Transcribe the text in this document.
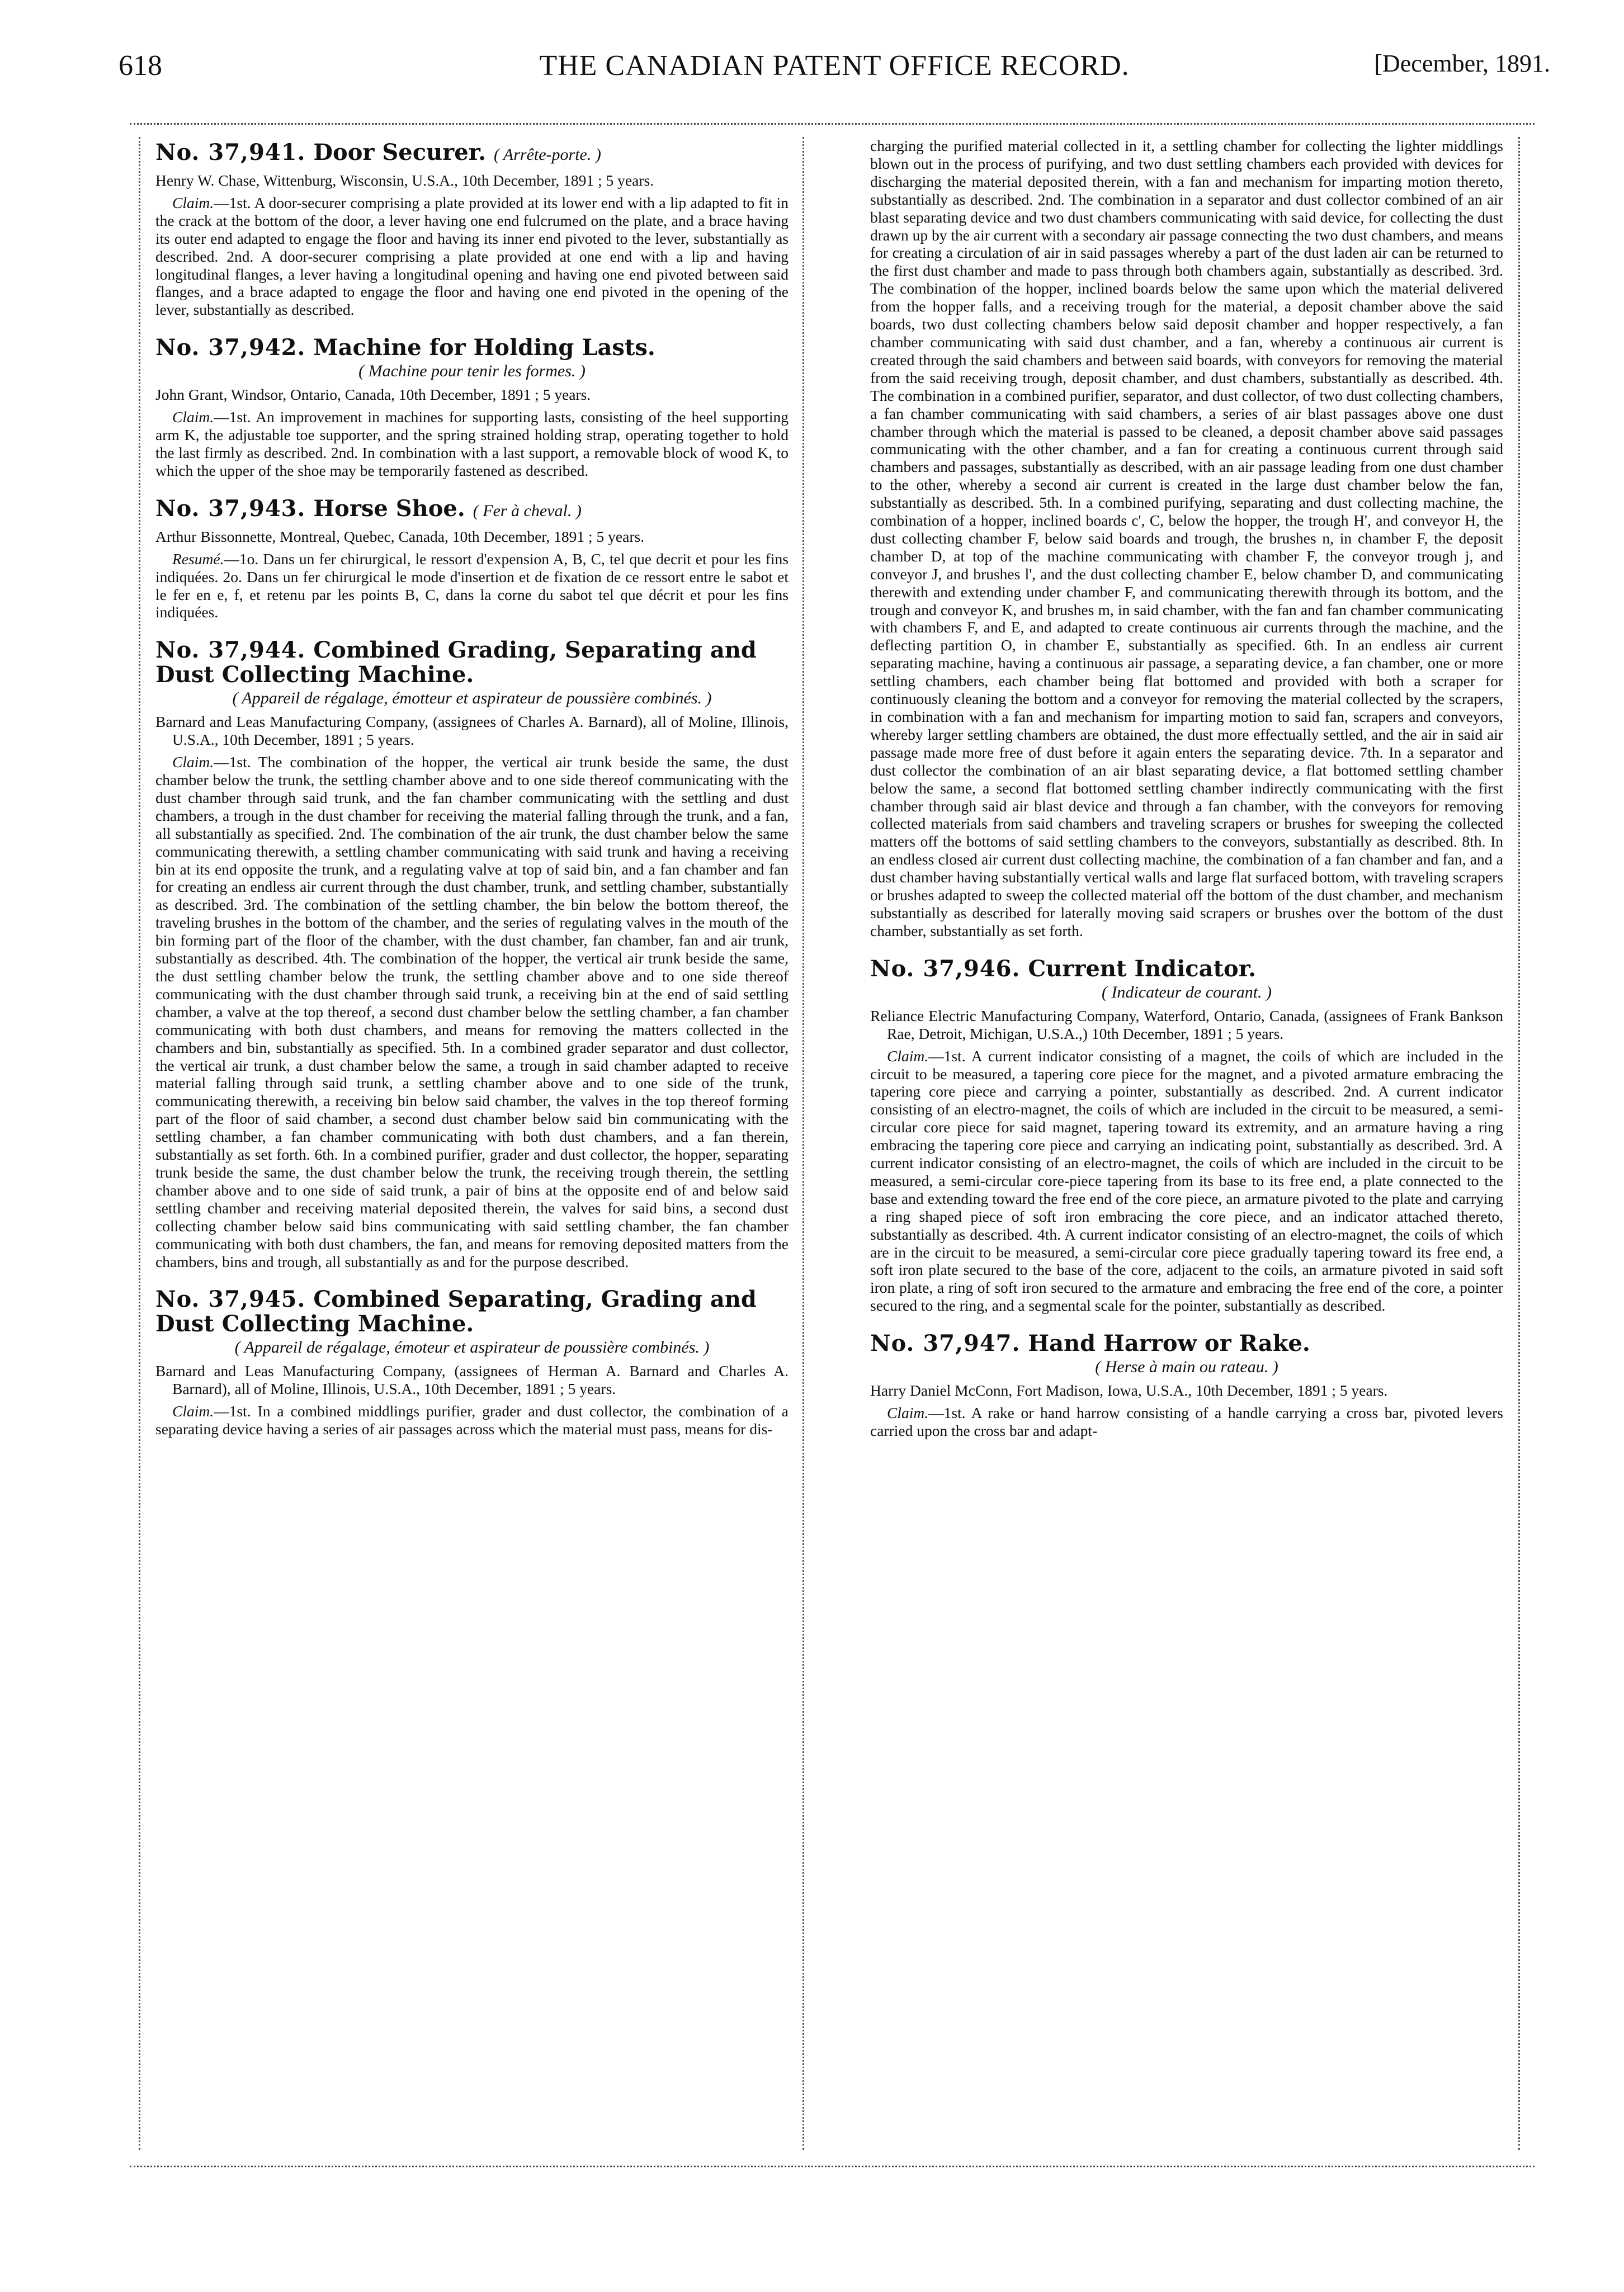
618	THE CANADIAN PATENT OFFICE RECORD.	[December, 1891.
No. 37,941. Door Securer. ( Arrête-porte. )
Henry W. Chase, Wittenburg, Wisconsin, U.S.A., 10th December, 1891 ; 5 years.
Claim.—1st. A door-securer comprising a plate provided at its lower end with a lip adapted to fit in the crack at the bottom of the door, a lever having one end fulcrumed on the plate, and a brace having its outer end adapted to engage the floor and having its inner end pivoted to the lever, substantially as described. 2nd. A door-securer comprising a plate provided at one end with a lip and having longitudinal flanges, a lever having a longitudinal opening and having one end pivoted between said flanges, and a brace adapted to engage the floor and having one end pivoted in the opening of the lever, substantially as described.
No. 37,942. Machine for Holding Lasts.
( Machine pour tenir les formes. )
John Grant, Windsor, Ontario, Canada, 10th December, 1891 ; 5 years.
Claim.—1st. An improvement in machines for supporting lasts, consisting of the heel supporting arm K, the adjustable toe supporter, and the spring strained holding strap, operating together to hold the last firmly as described. 2nd. In combination with a last support, a removable block of wood K, to which the upper of the shoe may be temporarily fastened as described.
No. 37,943. Horse Shoe. ( Fer à cheval. )
Arthur Bissonnette, Montreal, Quebec, Canada, 10th December, 1891 ; 5 years.
Resumé.—1o. Dans un fer chirurgical, le ressort d'expension A, B, C, tel que decrit et pour les fins indiquées. 2o. Dans un fer chirurgical le mode d'insertion et de fixation de ce ressort entre le sabot et le fer en e, f, et retenu par les points B, C, dans la corne du sabot tel que décrit et pour les fins indiquées.
No. 37,944. Combined Grading, Separating and Dust Collecting Machine.
( Appareil de régalage, émotteur et aspirateur de poussière combinés. )
Barnard and Leas Manufacturing Company, (assignees of Charles A. Barnard), all of Moline, Illinois, U.S.A., 10th December, 1891 ; 5 years.
Claim.—1st. The combination of the hopper, the vertical air trunk beside the same, the dust chamber below the trunk, the settling chamber above and to one side thereof communicating with the dust chamber through said trunk, and the fan chamber communicating with the settling and dust chambers, a trough in the dust chamber for receiving the material falling through the trunk, and a fan, all substantially as specified. 2nd. The combination of the air trunk, the dust chamber below the same communicating therewith, a settling chamber communicating with said trunk and having a receiving bin at its end opposite the trunk, and a regulating valve at top of said bin, and a fan chamber and fan for creating an endless air current through the dust chamber, trunk, and settling chamber, substantially as described. 3rd. The combination of the settling chamber, the bin below the bottom thereof, the traveling brushes in the bottom of the chamber, and the series of regulating valves in the mouth of the bin forming part of the floor of the chamber, with the dust chamber, fan chamber, fan and air trunk, substantially as described. 4th. The combination of the hopper, the vertical air trunk beside the same, the dust settling chamber below the trunk, the settling chamber above and to one side thereof communicating with the dust chamber through said trunk, a receiving bin at the end of said settling chamber, a valve at the top thereof, a second dust chamber below the settling chamber, a fan chamber communicating with both dust chambers, and means for removing the matters collected in the chambers and bin, substantially as specified. 5th. In a combined grader separator and dust collector, the vertical air trunk, a dust chamber below the same, a trough in said chamber adapted to receive material falling through said trunk, a settling chamber above and to one side of the trunk, communicating therewith, a receiving bin below said chamber, the valves in the top thereof forming part of the floor of said chamber, a second dust chamber below said bin communicating with the settling chamber, a fan chamber communicating with both dust chambers, and a fan therein, substantially as set forth. 6th. In a combined purifier, grader and dust collector, the hopper, separating trunk beside the same, the dust chamber below the trunk, the receiving trough therein, the settling chamber above and to one side of said trunk, a pair of bins at the opposite end of and below said settling chamber and receiving material deposited therein, the valves for said bins, a second dust collecting chamber below said bins communicating with said settling chamber, the fan chamber communicating with both dust chambers, the fan, and means for removing deposited matters from the chambers, bins and trough, all substantially as and for the purpose described.
No. 37,945. Combined Separating, Grading and Dust Collecting Machine.
( Appareil de régalage, émoteur et aspirateur de poussière combinés. )
Barnard and Leas Manufacturing Company, (assignees of Herman A. Barnard and Charles A. Barnard), all of Moline, Illinois, U.S.A., 10th December, 1891 ; 5 years.
Claim.—1st. In a combined middlings purifier, grader and dust collector, the combination of a separating device having a series of air passages across which the material must pass, means for dis-
charging the purified material collected in it, a settling chamber for collecting the lighter middlings blown out in the process of purifying, and two dust settling chambers each provided with devices for discharging the material deposited therein, with a fan and mechanism for imparting motion thereto, substantially as described. 2nd. The combination in a separator and dust collector combined of an air blast separating device and two dust chambers communicating with said device, for collecting the dust drawn up by the air current with a secondary air passage connecting the two dust chambers, and means for creating a circulation of air in said passages whereby a part of the dust laden air can be returned to the first dust chamber and made to pass through both chambers again, substantially as described. 3rd. The combination of the hopper, inclined boards below the same upon which the material delivered from the hopper falls, and a receiving trough for the material, a deposit chamber above the said boards, two dust collecting chambers below said deposit chamber and hopper respectively, a fan chamber communicating with said dust chamber, and a fan, whereby a continuous air current is created through the said chambers and between said boards, with conveyors for removing the material from the said receiving trough, deposit chamber, and dust chambers, substantially as described. 4th. The combination in a combined purifier, separator, and dust collector, of two dust collecting chambers, a fan chamber communicating with said chambers, a series of air blast passages above one dust chamber through which the material is passed to be cleaned, a deposit chamber above said passages communicating with the other chamber, and a fan for creating a continuous current through said chambers and passages, substantially as described, with an air passage leading from one dust chamber to the other, whereby a second air current is created in the large dust chamber below the fan, substantially as described. 5th. In a combined purifying, separating and dust collecting machine, the combination of a hopper, inclined boards c', C, below the hopper, the trough H', and conveyor H, the dust collecting chamber F, below said boards and trough, the brushes n, in chamber F, the deposit chamber D, at top of the machine communicating with chamber F, the conveyor trough j, and conveyor J, and brushes l', and the dust collecting chamber E, below chamber D, and communicating therewith and extending under chamber F, and communicating therewith through its bottom, and the trough and conveyor K, and brushes m, in said chamber, with the fan and fan chamber communicating with chambers F, and E, and adapted to create continuous air currents through the machine, and the deflecting partition O, in chamber E, substantially as specified. 6th. In an endless air current separating machine, having a continuous air passage, a separating device, a fan chamber, one or more settling chambers, each chamber being flat bottomed and provided with both a scraper for continuously cleaning the bottom and a conveyor for removing the material collected by the scrapers, in combination with a fan and mechanism for imparting motion to said fan, scrapers and conveyors, whereby larger settling chambers are obtained, the dust more effectually settled, and the air in said air passage made more free of dust before it again enters the separating device. 7th. In a separator and dust collector the combination of an air blast separating device, a flat bottomed settling chamber below the same, a second flat bottomed settling chamber indirectly communicating with the first chamber through said air blast device and through a fan chamber, with the conveyors for removing collected materials from said chambers and traveling scrapers or brushes for sweeping the collected matters off the bottoms of said settling chambers to the conveyors, substantially as described. 8th. In an endless closed air current dust collecting machine, the combination of a fan chamber and fan, and a dust chamber having substantially vertical walls and large flat surfaced bottom, with traveling scrapers or brushes adapted to sweep the collected material off the bottom of the dust chamber, and mechanism substantially as described for laterally moving said scrapers or brushes over the bottom of the dust chamber, substantially as set forth.
No. 37,946. Current Indicator.
( Indicateur de courant. )
Reliance Electric Manufacturing Company, Waterford, Ontario, Canada, (assignees of Frank Bankson Rae, Detroit, Michigan, U.S.A.,) 10th December, 1891 ; 5 years.
Claim.—1st. A current indicator consisting of a magnet, the coils of which are included in the circuit to be measured, a tapering core piece for the magnet, and a pivoted armature embracing the tapering core piece and carrying a pointer, substantially as described. 2nd. A current indicator consisting of an electro-magnet, the coils of which are included in the circuit to be measured, a semi-circular core piece for said magnet, tapering toward its extremity, and an armature having a ring embracing the tapering core piece and carrying an indicating point, substantially as described. 3rd. A current indicator consisting of an electro-magnet, the coils of which are included in the circuit to be measured, a semi-circular core-piece tapering from its base to its free end, a plate connected to the base and extending toward the free end of the core piece, an armature pivoted to the plate and carrying a ring shaped piece of soft iron embracing the core piece, and an indicator attached thereto, substantially as described. 4th. A current indicator consisting of an electro-magnet, the coils of which are in the circuit to be measured, a semi-circular core piece gradually tapering toward its free end, a soft iron plate secured to the base of the core, adjacent to the coils, an armature pivoted in said soft iron plate, a ring of soft iron secured to the armature and embracing the free end of the core, a pointer secured to the ring, and a segmental scale for the pointer, substantially as described.
No. 37,947. Hand Harrow or Rake.
( Herse à main ou rateau. )
Harry Daniel McConn, Fort Madison, Iowa, U.S.A., 10th December, 1891 ; 5 years.
Claim.—1st. A rake or hand harrow consisting of a handle carrying a cross bar, pivoted levers carried upon the cross bar and adapt-
